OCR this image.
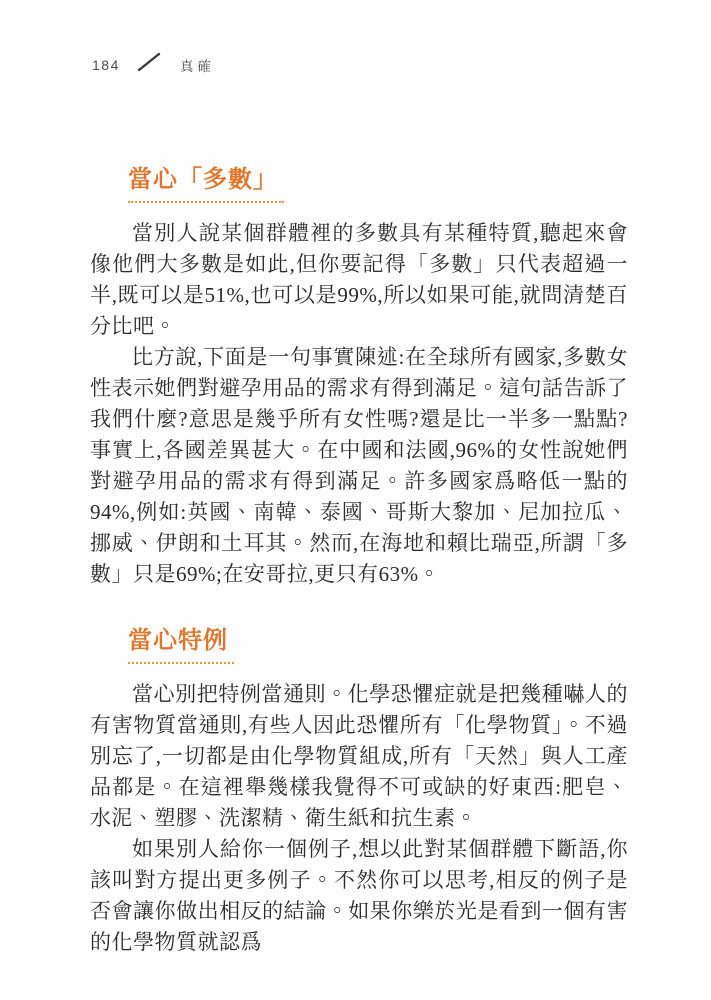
184	真確
當心「多數」

當別人說某個群體裡的多數具有某種特質,聽起來會像他們大多數是如此,但你要記得「多數」只代表超過一半,既可以是51%,也可以是99%,所以如果可能,就問清楚百分比吧。

比方說,下面是一句事實陳述:在全球所有國家,多數女性表示她們對避孕用品的需求有得到滿足。這句話告訴了我們什麼?意思是幾乎所有女性嗎?還是比一半多一點點?事實上,各國差異甚大。在中國和法國,96%的女性說她們對避孕用品的需求有得到滿足。許多國家爲略低一點的94%,例如:英國、南韓、泰國、哥斯大黎加、尼加拉瓜、挪威、伊朗和土耳其。然而,在海地和賴比瑞亞,所謂「多數」只是69%;在安哥拉,更只有63%。

當心特例

當心別把特例當通則。化學恐懼症就是把幾種嚇人的有害物質當通則,有些人因此恐懼所有「化學物質」。不過別忘了,一切都是由化學物質組成,所有「天然」與人工產品都是。在這裡舉幾樣我覺得不可或缺的好東西:肥皂、水泥、塑膠、洗潔精、衛生紙和抗生素。

如果別人給你一個例子,想以此對某個群體下斷語,你該叫對方提出更多例子。不然你可以思考,相反的例子是否會讓你做出相反的結論。如果你樂於光是看到一個有害的化學物質就認爲
